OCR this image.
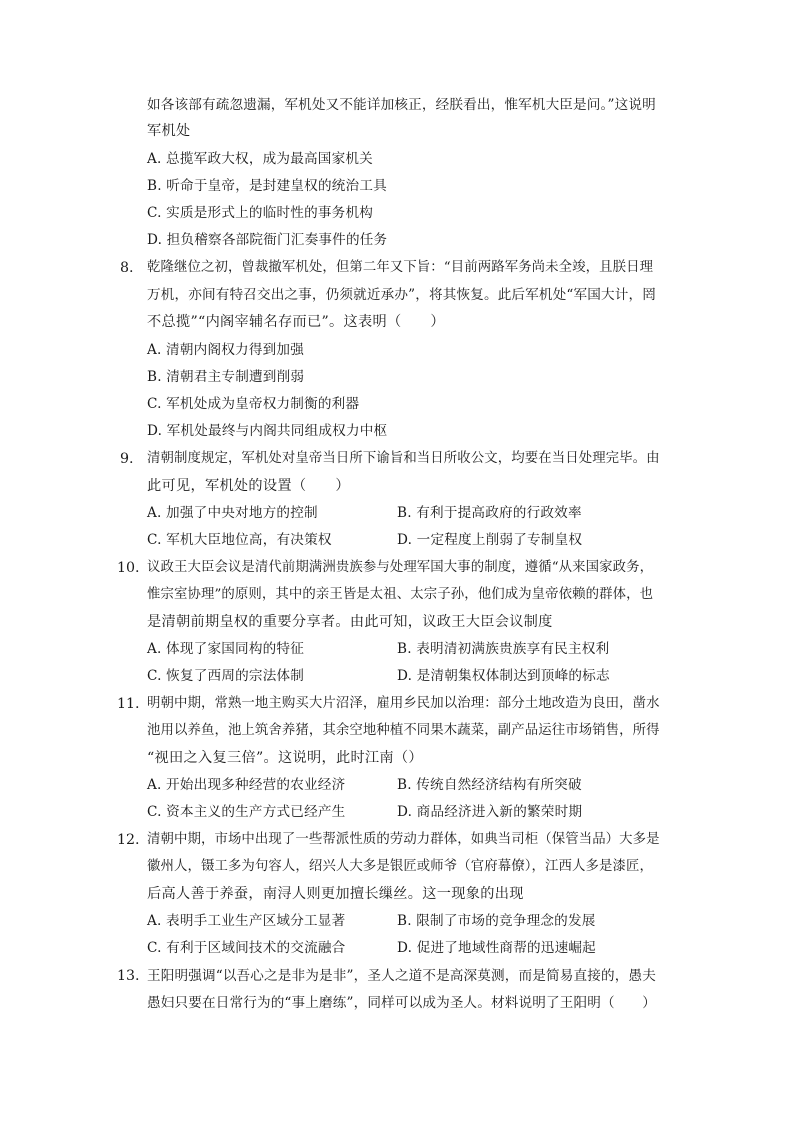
如各该部有疏忽遗漏，军机处又不能详加核正，经朕看出，惟军机大臣是问。”这说明
军机处
A. 总揽军政大权，成为最高国家机关
B. 听命于皇帝，是封建皇权的统治工具
C. 实质是形式上的临时性的事务机构
D. 担负稽察各部院衙门汇奏事件的任务
8. 乾隆继位之初，曾裁撤军机处，但第二年又下旨：“目前两路军务尚未全竣，且朕日理
万机，亦间有特召交出之事，仍须就近承办”，将其恢复。此后军机处“军国大计，罔
不总揽”“内阁宰辅名存而已”。这表明（　　）
A. 清朝内阁权力得到加强
B. 清朝君主专制遭到削弱
C. 军机处成为皇帝权力制衡的利器
D. 军机处最终与内阁共同组成权力中枢
9. 清朝制度规定，军机处对皇帝当日所下谕旨和当日所收公文，均要在当日处理完毕。由
此可见，军机处的设置（　　）
A. 加强了中央对地方的控制	B. 有利于提高政府的行政效率
C. 军机大臣地位高，有决策权	D. 一定程度上削弱了专制皇权
10. 议政王大臣会议是清代前期满洲贵族参与处理军国大事的制度，遵循“从来国家政务，
惟宗室协理”的原则，其中的亲王皆是太祖、太宗子孙，他们成为皇帝依赖的群体，也
是清朝前期皇权的重要分享者。由此可知，议政王大臣会议制度
A. 体现了家国同构的特征	B. 表明清初满族贵族享有民主权利
C. 恢复了西周的宗法体制	D. 是清朝集权体制达到顶峰的标志
11. 明朝中期，常熟一地主购买大片沼泽，雇用乡民加以治理：部分土地改造为良田，凿水
池用以养鱼，池上筑舍养猪，其余空地种植不同果木蔬菜，副产品运往市场销售，所得
“视田之入复三倍”。这说明，此时江南（）
A. 开始出现多种经营的农业经济	B. 传统自然经济结构有所突破
C. 资本主义的生产方式已经产生	D. 商品经济进入新的繁荣时期
12. 清朝中期，市场中出现了一些帮派性质的劳动力群体，如典当司柜（保管当品）大多是
徽州人，镊工多为句容人，绍兴人大多是银匠或师爷（官府幕僚），江西人多是漆匠，
后高人善于养蚕，南浔人则更加擅长缫丝。这一现象的出现
A. 表明手工业生产区域分工显著	B. 限制了市场的竞争理念的发展
C. 有利于区域间技术的交流融合	D. 促进了地域性商帮的迅速崛起
13. 王阳明强调“以吾心之是非为是非”，圣人之道不是高深莫测，而是简易直接的，愚夫
愚妇只要在日常行为的“事上磨练”，同样可以成为圣人。材料说明了王阳明（　　）
